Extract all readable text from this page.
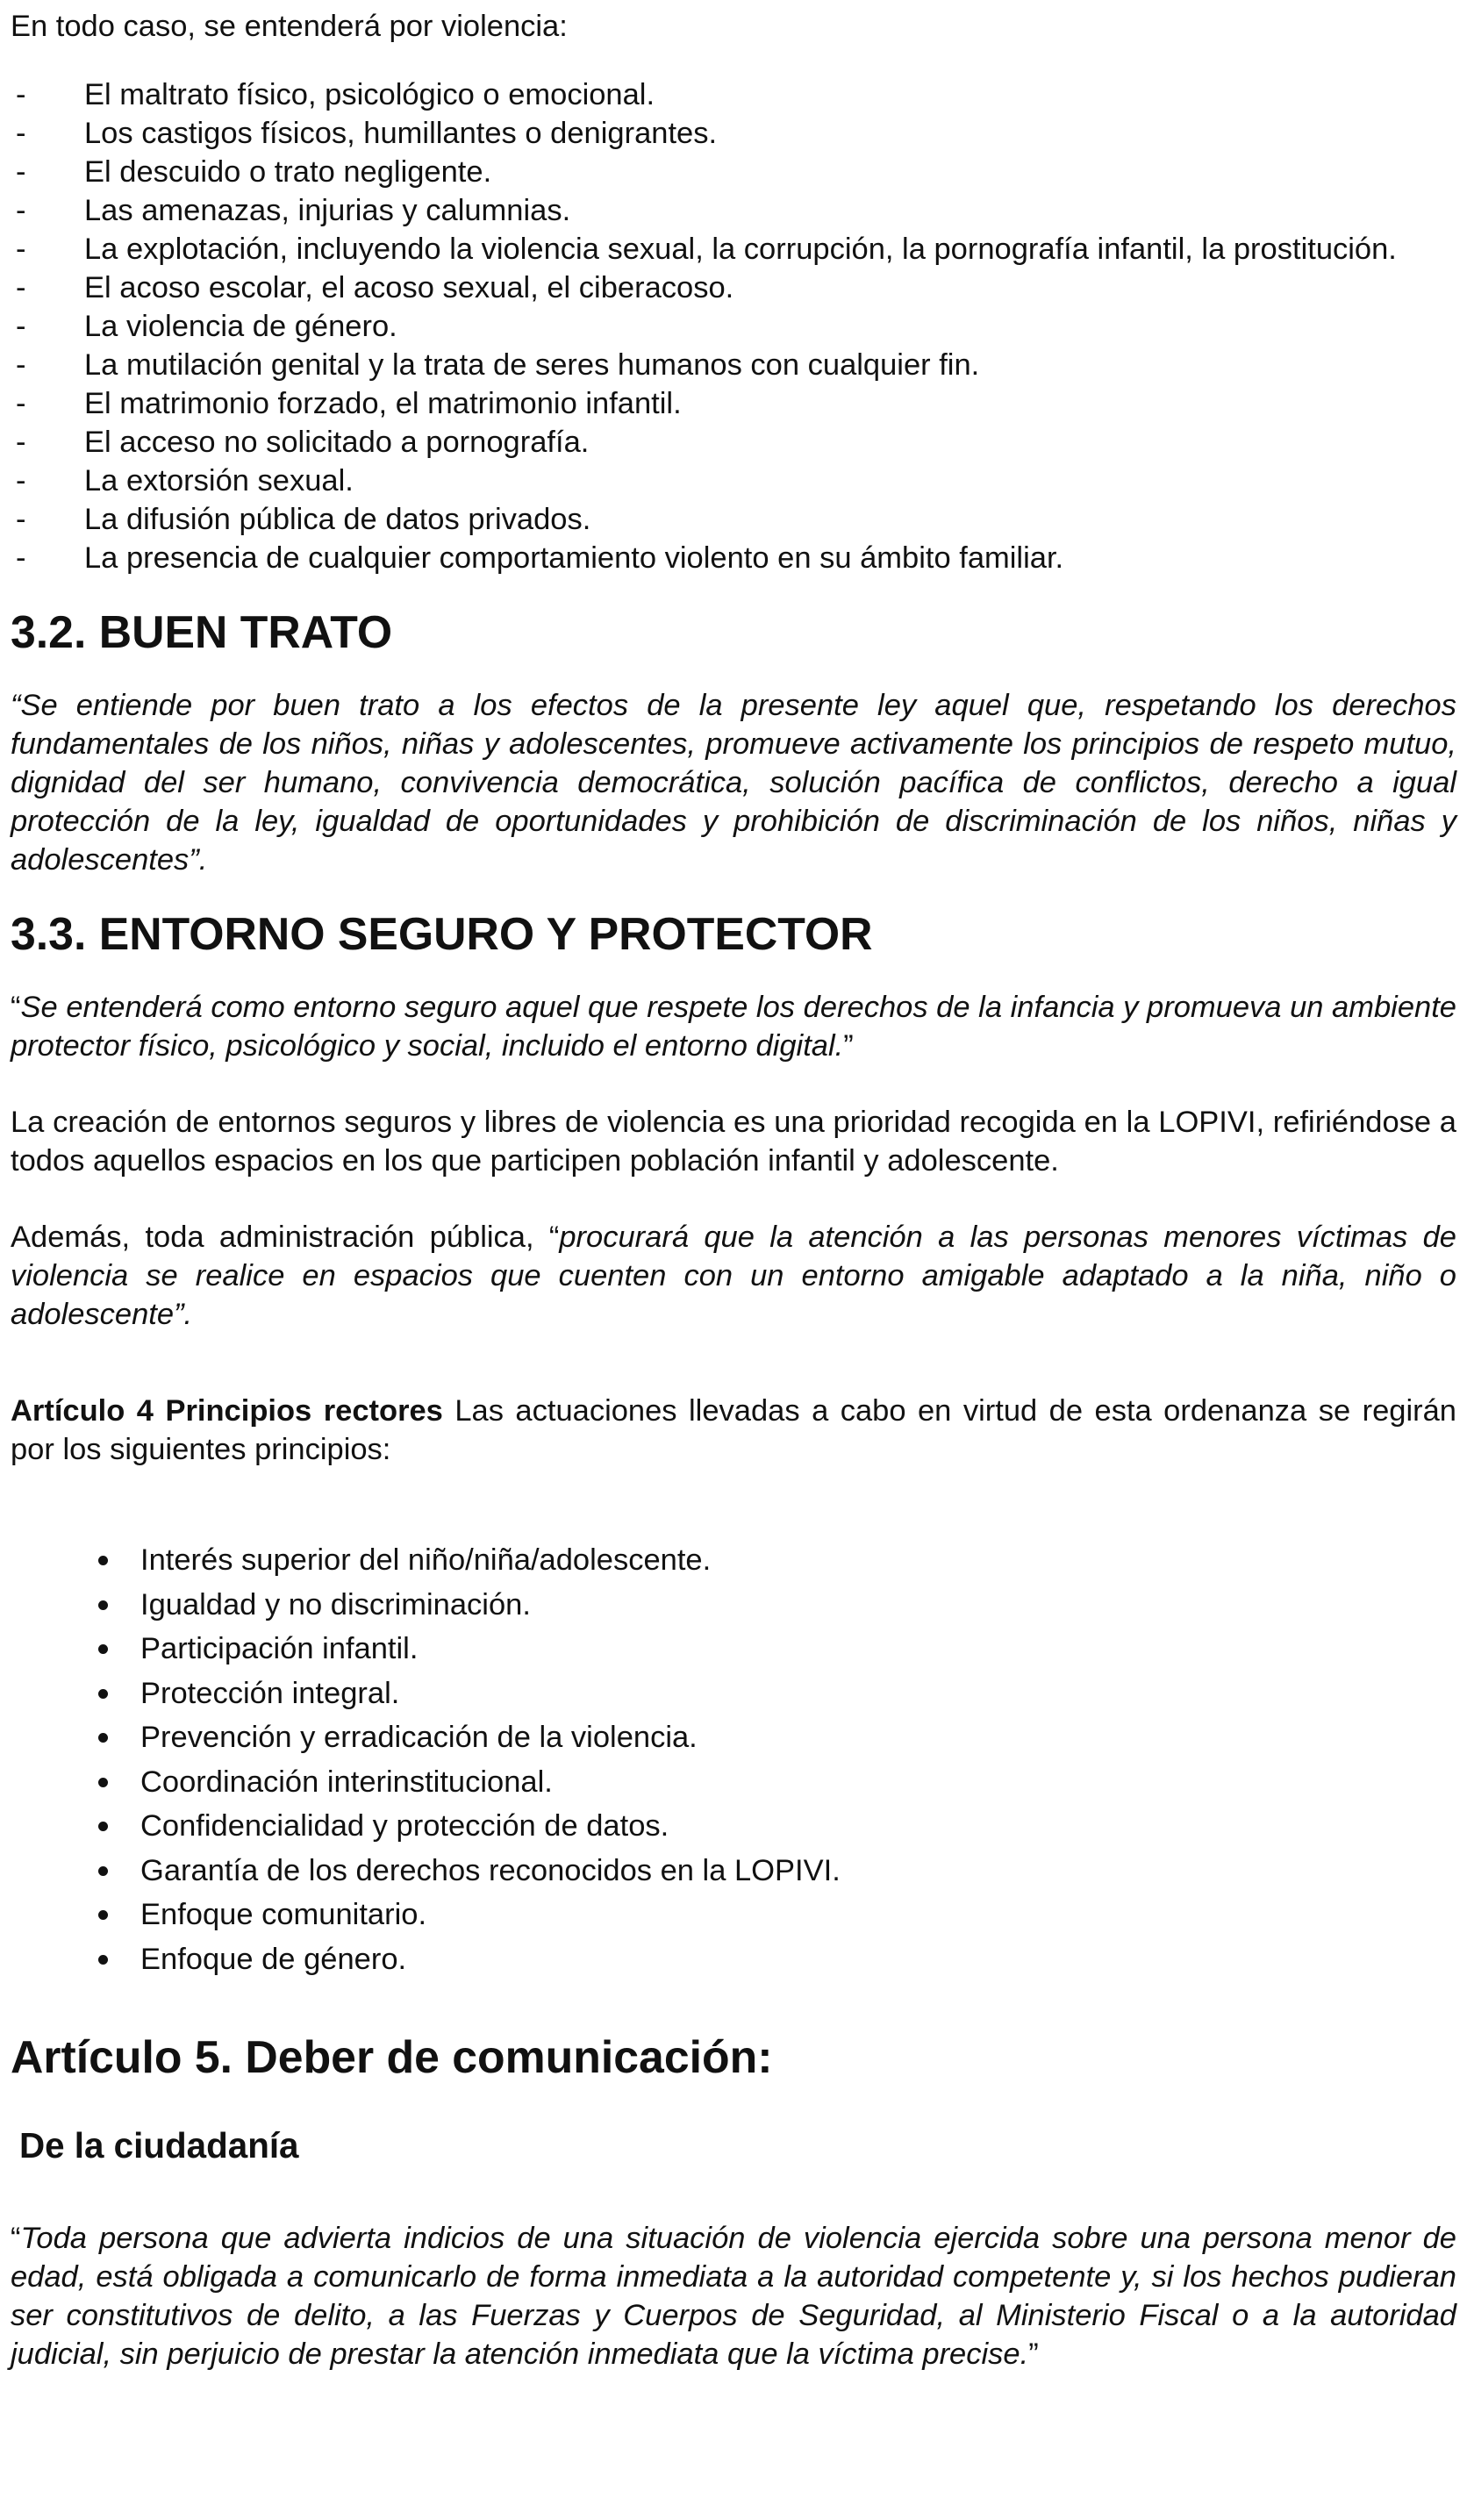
En todo caso, se entenderá por violencia:

- El maltrato físico, psicológico o emocional.
- Los castigos físicos, humillantes o denigrantes.
- El descuido o trato negligente.
- Las amenazas, injurias y calumnias.
- La explotación, incluyendo la violencia sexual, la corrupción, la pornografía infantil, la prostitución.
- El acoso escolar, el acoso sexual, el ciberacoso.
- La violencia de género.
- La mutilación genital y la trata de seres humanos con cualquier fin.
- El matrimonio forzado, el matrimonio infantil.
- El acceso no solicitado a pornografía.
- La extorsión sexual.
- La difusión pública de datos privados.
- La presencia de cualquier comportamiento violento en su ámbito familiar.
3.2. BUEN TRATO

“Se entiende por buen trato a los efectos de la presente ley aquel que, respetando los derechos fundamentales de los niños, niñas y adolescentes, promueve activamente los principios de respeto mutuo, dignidad del ser humano, convivencia democrática, solución pacífica de conflictos, derecho a igual protección de la ley, igualdad de oportunidades y prohibición de discriminación de los niños, niñas y adolescentes”.

3.3. ENTORNO SEGURO Y PROTECTOR

“Se entenderá como entorno seguro aquel que respete los derechos de la infancia y promueva un ambiente protector físico, psicológico y social, incluido el entorno digital.”

La creación de entornos seguros y libres de violencia es una prioridad recogida en la LOPIVI, refiriéndose a todos aquellos espacios en los que participen población infantil y adolescente.

Además, toda administración pública, “procurará que la atención a las personas menores víctimas de violencia se realice en espacios que cuenten con un entorno amigable adaptado a la niña, niño o adolescente”.

Artículo 4 Principios rectores Las actuaciones llevadas a cabo en virtud de esta ordenanza se regirán por los siguientes principios:

Interés superior del niño/niña/adolescente.
Igualdad y no discriminación.
Participación infantil.
Protección integral.
Prevención y erradicación de la violencia.
Coordinación interinstitucional.
Confidencialidad y protección de datos.
Garantía de los derechos reconocidos en la LOPIVI.
Enfoque comunitario.
Enfoque de género.
Artículo 5. Deber de comunicación:
De la ciudadanía

“Toda persona que advierta indicios de una situación de violencia ejercida sobre una persona menor de edad, está obligada a comunicarlo de forma inmediata a la autoridad competente y, si los hechos pudieran ser constitutivos de delito, a las Fuerzas y Cuerpos de Seguridad, al Ministerio Fiscal o a la autoridad judicial, sin perjuicio de prestar la atención inmediata que la víctima precise.”
